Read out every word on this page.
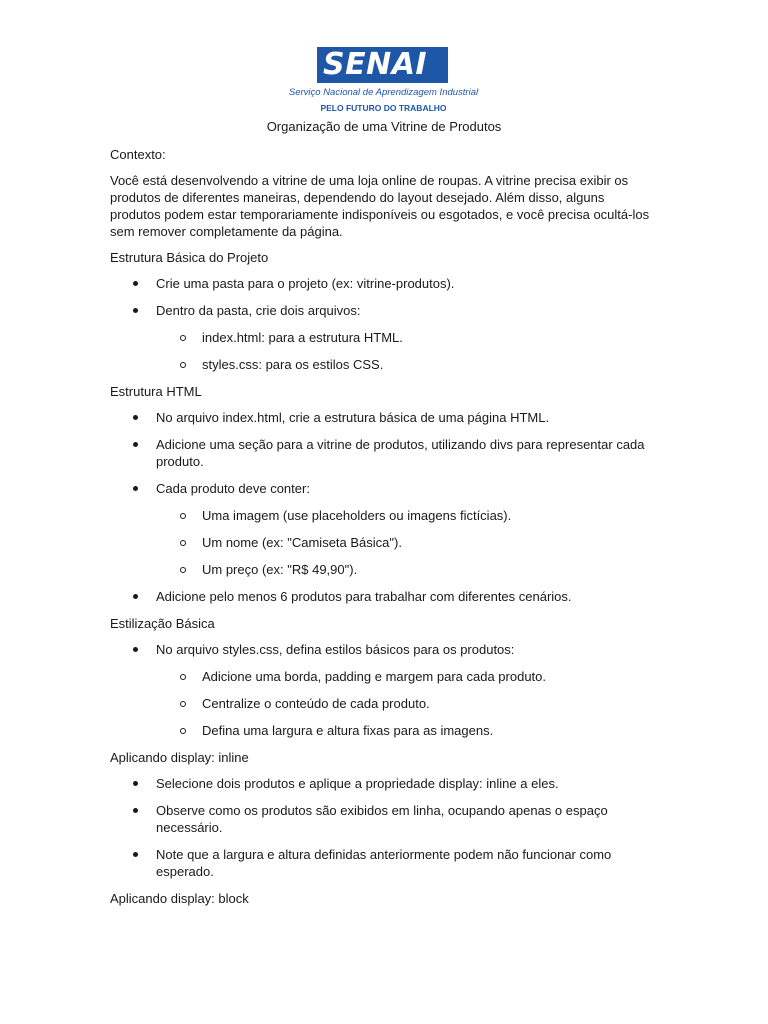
SENAI
Serviço Nacional de Aprendizagem Industrial
PELO FUTURO DO TRABALHO
Organização de uma Vitrine de Produtos

Contexto:

Você está desenvolvendo a vitrine de uma loja online de roupas. A vitrine precisa exibir os produtos de diferentes maneiras, dependendo do layout desejado. Além disso, alguns produtos podem estar temporariamente indisponíveis ou esgotados, e você precisa ocultá-los sem remover completamente da página.

Estrutura Básica do Projeto

Crie uma pasta para o projeto (ex: vitrine-produtos).
Dentro da pasta, crie dois arquivos:
index.html: para a estrutura HTML.
styles.css: para os estilos CSS.

Estrutura HTML

No arquivo index.html, crie a estrutura básica de uma página HTML.
Adicione uma seção para a vitrine de produtos, utilizando divs para representar cada produto.
Cada produto deve conter:
Uma imagem (use placeholders ou imagens fictícias).
Um nome (ex: "Camiseta Básica").
Um preço (ex: "R$ 49,90").
Adicione pelo menos 6 produtos para trabalhar com diferentes cenários.

Estilização Básica

No arquivo styles.css, defina estilos básicos para os produtos:
Adicione uma borda, padding e margem para cada produto.
Centralize o conteúdo de cada produto.
Defina uma largura e altura fixas para as imagens.

Aplicando display: inline

Selecione dois produtos e aplique a propriedade display: inline a eles.
Observe como os produtos são exibidos em linha, ocupando apenas o espaço necessário.
Note que a largura e altura definidas anteriormente podem não funcionar como esperado.

Aplicando display: block
